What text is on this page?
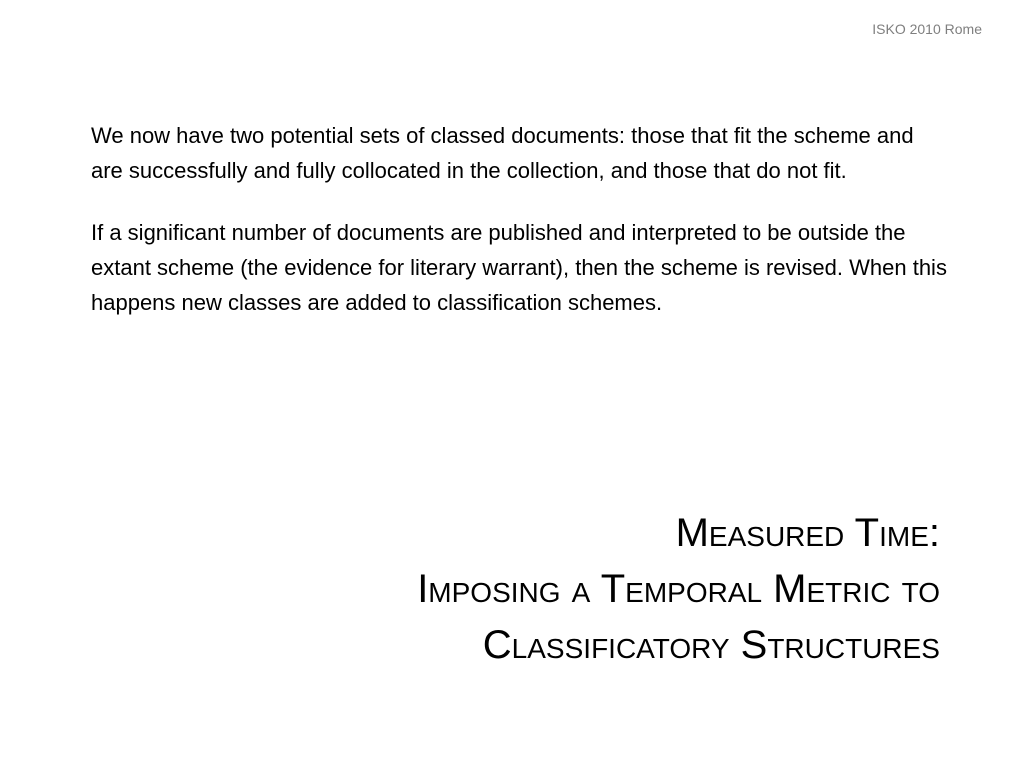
ISKO 2010 Rome

We now have two potential sets of classed documents: those that fit the scheme and are successfully and fully collocated in the collection, and those that do not fit.

If a significant number of documents are published and interpreted to be outside the extant scheme (the evidence for literary warrant), then the scheme is revised. When this happens new classes are added to classification schemes.

Measured Time:
Imposing a Temporal Metric to
Classificatory Structures
